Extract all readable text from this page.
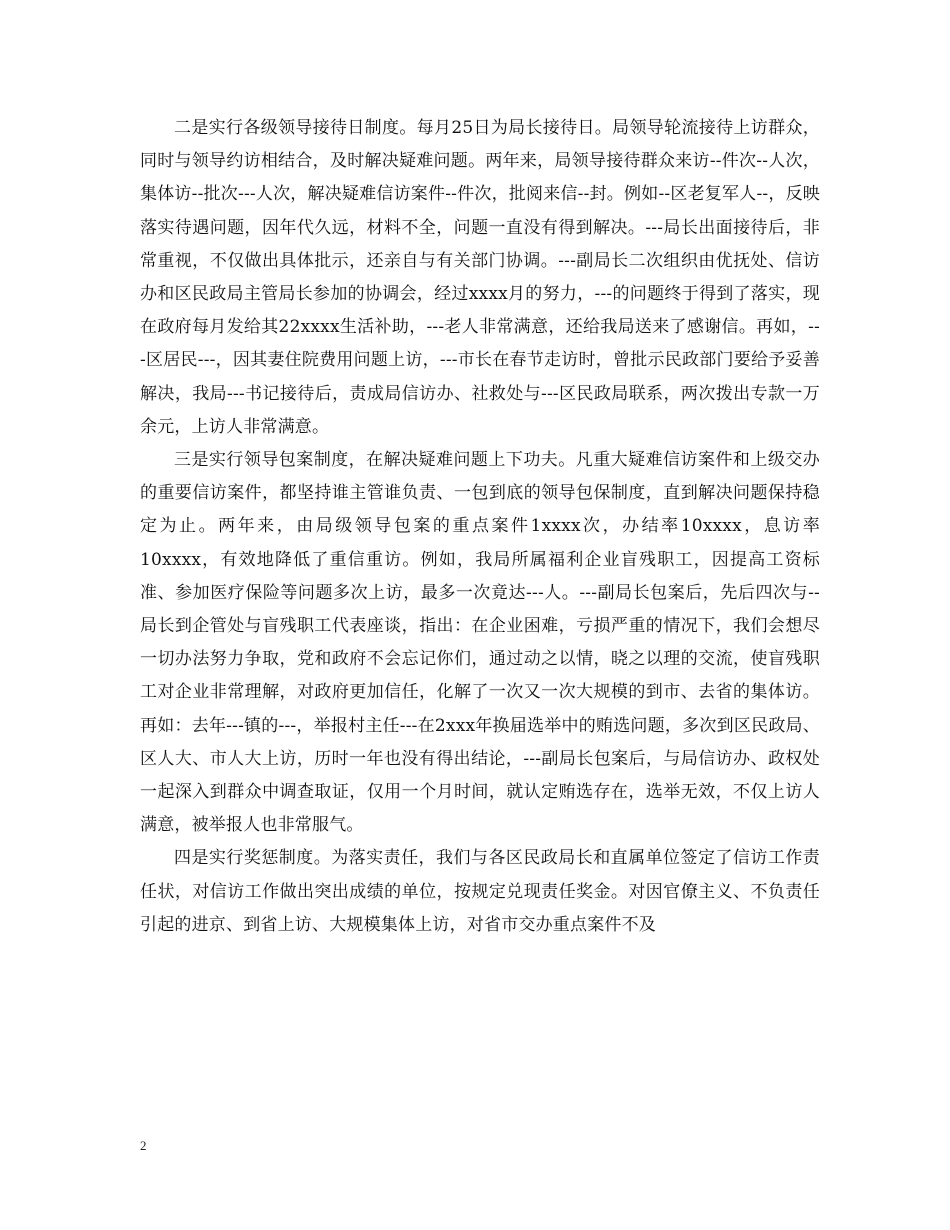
二是实行各级领导接待日制度。每月25日为局长接待日。局领导轮流接待上访群众，同时与领导约访相结合，及时解决疑难问题。两年来，局领导接待群众来访--件次--人次，集体访--批次---人次，解决疑难信访案件--件次，批阅来信--封。例如--区老复军人--，反映落实待遇问题，因年代久远，材料不全，问题一直没有得到解决。---局长出面接待后，非常重视，不仅做出具体批示，还亲自与有关部门协调。---副局长二次组织由优抚处、信访办和区民政局主管局长参加的协调会，经过xxxx月的努力，---的问题终于得到了落实，现在政府每月发给其22xxxx生活补助，---老人非常满意，还给我局送来了感谢信。再如，---区居民---，因其妻住院费用问题上访，---市长在春节走访时，曾批示民政部门要给予妥善解决，我局---书记接待后，责成局信访办、社救处与---区民政局联系，两次拨出专款一万余元，上访人非常满意。

三是实行领导包案制度，在解决疑难问题上下功夫。凡重大疑难信访案件和上级交办的重要信访案件，都坚持谁主管谁负责、一包到底的领导包保制度，直到解决问题保持稳定为止。两年来，由局级领导包案的重点案件1xxxx次，办结率10xxxx，息访率10xxxx，有效地降低了重信重访。例如，我局所属福利企业盲残职工，因提高工资标准、参加医疗保险等问题多次上访，最多一次竟达---人。---副局长包案后，先后四次与--局长到企管处与盲残职工代表座谈，指出：在企业困难，亏损严重的情况下，我们会想尽一切办法努力争取，党和政府不会忘记你们，通过动之以情，晓之以理的交流，使盲残职工对企业非常理解，对政府更加信任，化解了一次又一次大规模的到市、去省的集体访。再如：去年---镇的---，举报村主任---在2xxx年换届选举中的贿选问题，多次到区民政局、区人大、市人大上访，历时一年也没有得出结论，---副局长包案后，与局信访办、政权处一起深入到群众中调查取证，仅用一个月时间，就认定贿选存在，选举无效，不仅上访人满意，被举报人也非常服气。

四是实行奖惩制度。为落实责任，我们与各区民政局长和直属单位签定了信访工作责任状，对信访工作做出突出成绩的单位，按规定兑现责任奖金。对因官僚主义、不负责任引起的进京、到省上访、大规模集体上访，对省市交办重点案件不及

2
